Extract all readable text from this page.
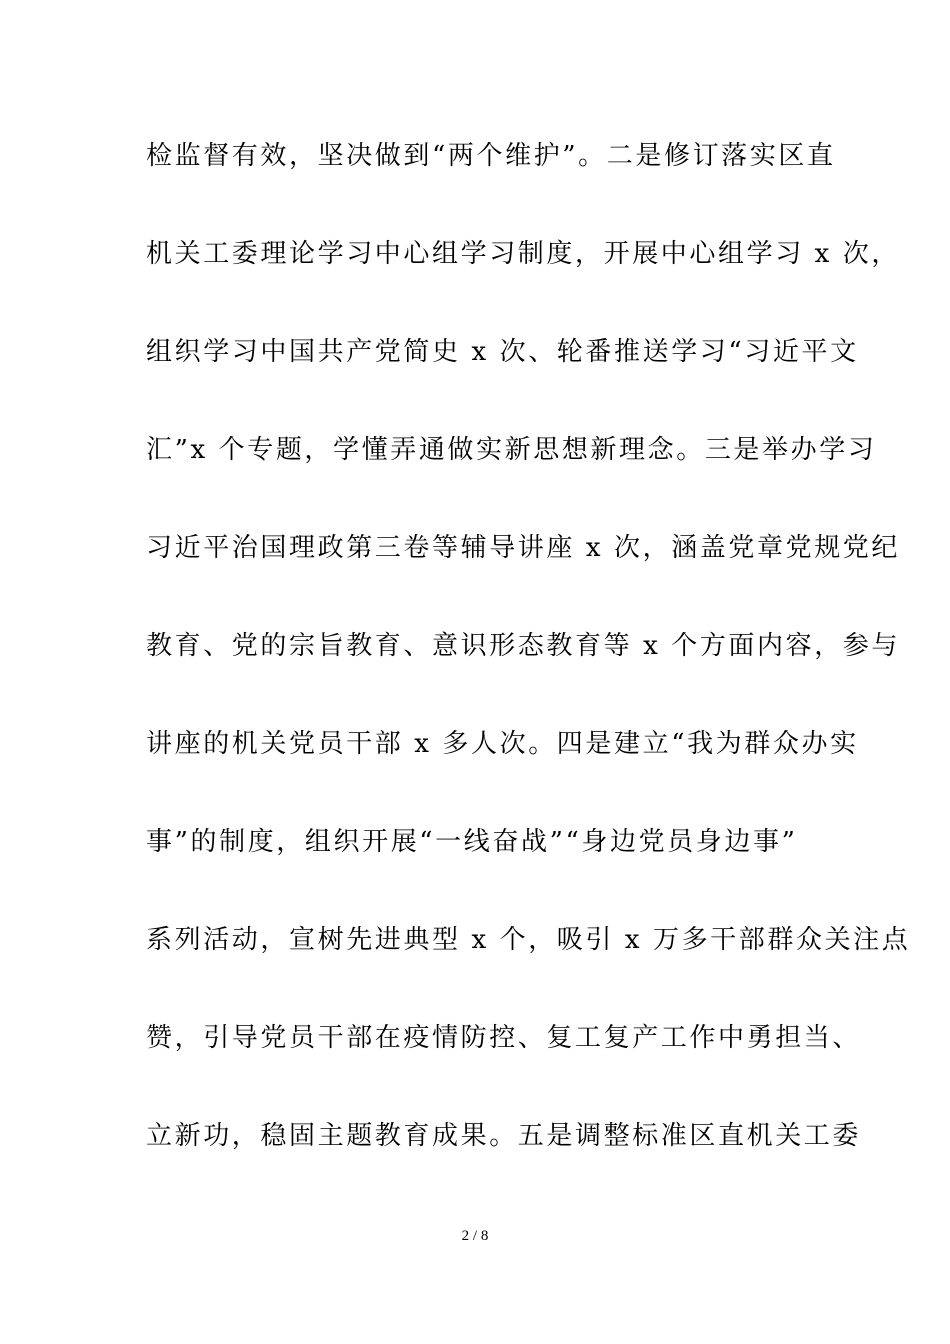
检监督有效，坚决做到“两个维护”。二是修订落实区直
机关工委理论学习中心组学习制度，开展中心组学习 x 次，
组织学习中国共产党简史 x 次、轮番推送学习“习近平文
汇”x 个专题，学懂弄通做实新思想新理念。三是举办学习
习近平治国理政第三卷等辅导讲座 x 次，涵盖党章党规党纪
教育、党的宗旨教育、意识形态教育等 x 个方面内容，参与
讲座的机关党员干部 x 多人次。四是建立“我为群众办实
事”的制度，组织开展“一线奋战”“身边党员身边事”
系列活动，宣树先进典型 x 个，吸引 x 万多干部群众关注点
赞，引导党员干部在疫情防控、复工复产工作中勇担当、
立新功，稳固主题教育成果。五是调整标准区直机关工委
2 / 8
